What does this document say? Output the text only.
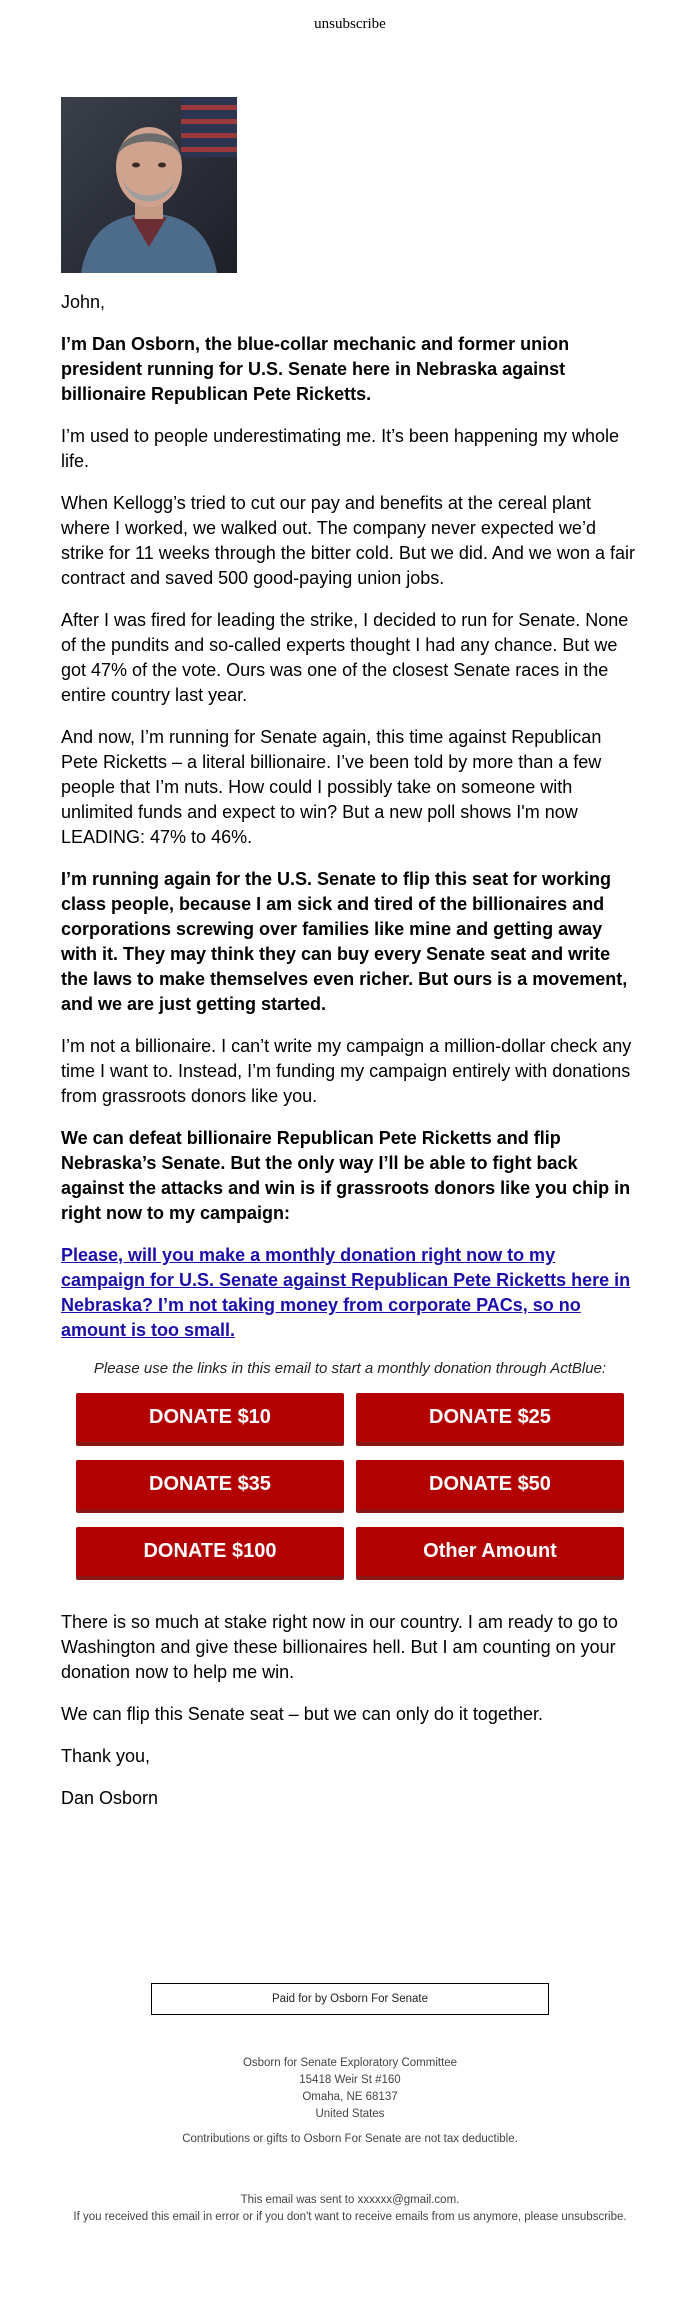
unsubscribe

John,

I’m Dan Osborn, the blue-collar mechanic and former union president running for U.S. Senate here in Nebraska against billionaire Republican Pete Ricketts.

I’m used to people underestimating me. It’s been happening my whole life.

When Kellogg’s tried to cut our pay and benefits at the cereal plant where I worked, we walked out. The company never expected we’d strike for 11 weeks through the bitter cold. But we did. And we won a fair contract and saved 500 good-paying union jobs.

After I was fired for leading the strike, I decided to run for Senate. None of the pundits and so-called experts thought I had any chance. But we got 47% of the vote. Ours was one of the closest Senate races in the entire country last year.

And now, I’m running for Senate again, this time against Republican Pete Ricketts – a literal billionaire. I’ve been told by more than a few people that I’m nuts. How could I possibly take on someone with unlimited funds and expect to win? But a new poll shows I'm now LEADING: 47% to 46%.

I’m running again for the U.S. Senate to flip this seat for working class people, because I am sick and tired of the billionaires and corporations screwing over families like mine and getting away with it. They may think they can buy every Senate seat and write the laws to make themselves even richer. But ours is a movement, and we are just getting started.

I’m not a billionaire. I can’t write my campaign a million-dollar check any time I want to. Instead, I’m funding my campaign entirely with donations from grassroots donors like you.

We can defeat billionaire Republican Pete Ricketts and flip Nebraska’s Senate. But the only way I’ll be able to fight back against the attacks and win is if grassroots donors like you chip in right now to my campaign:

Please, will you make a monthly donation right now to my campaign for U.S. Senate against Republican Pete Ricketts here in Nebraska? I’m not taking money from corporate PACs, so no amount is too small.

Please use the links in this email to start a monthly donation through ActBlue:

DONATE $10	DONATE $25
DONATE $35	DONATE $50
DONATE $100	Other Amount

There is so much at stake right now in our country. I am ready to go to Washington and give these billionaires hell. But I am counting on your donation now to help me win.

We can flip this Senate seat – but we can only do it together.

Thank you,

Dan Osborn

Paid for by Osborn For Senate
Osborn for Senate Exploratory Committee
15418 Weir St #160
Omaha, NE 68137
United States
Contributions or gifts to Osborn For Senate are not tax deductible.
This email was sent to xxxxxx@gmail.com.
If you received this email in error or if you don't want to receive emails from us anymore, please unsubscribe.
